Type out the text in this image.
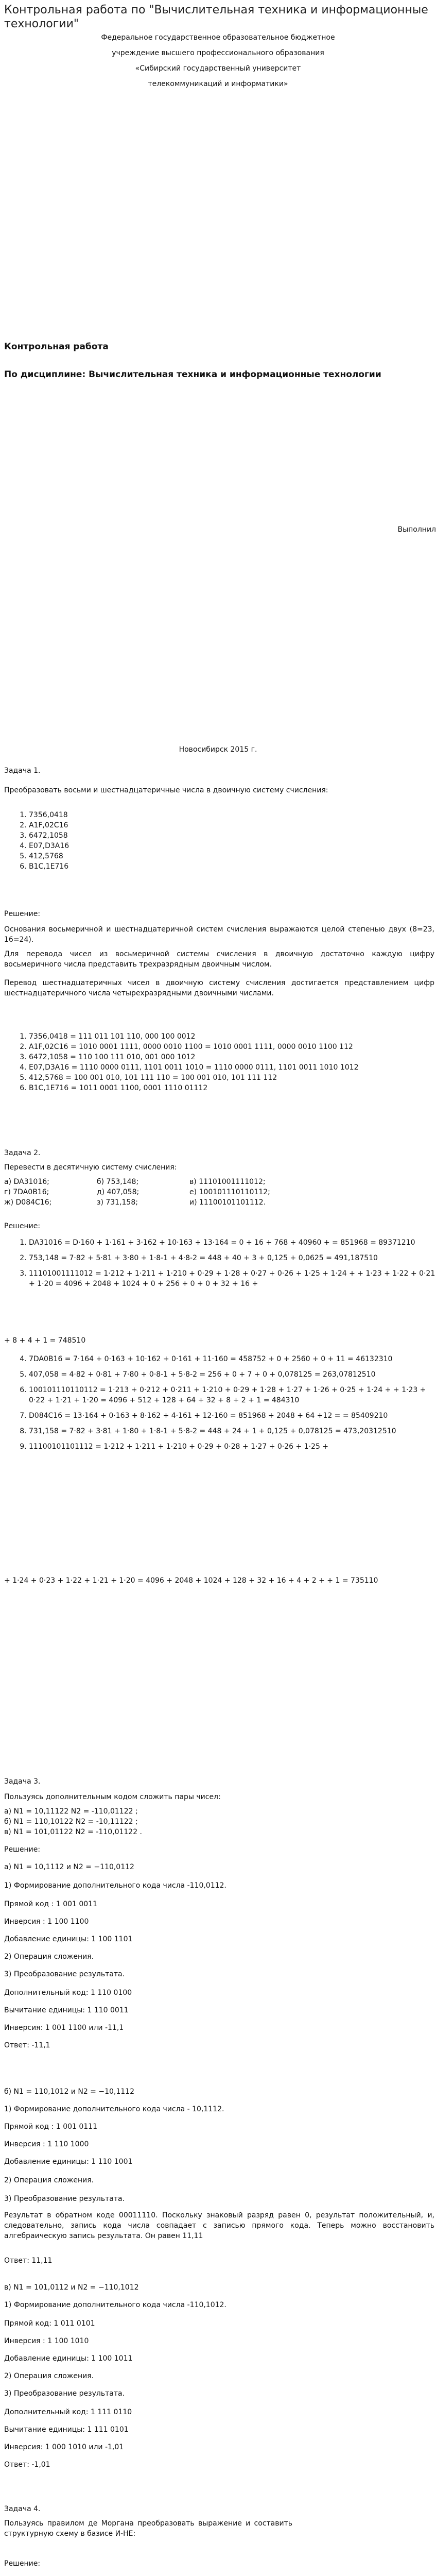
Контрольная работа по "Вычислительная техника и информационные технологии"
Федеральное государственное образовательное бюджетное
учреждение высшего профессионального образования
«Сибирский государственный университет
телекоммуникаций и информатики»
Контрольная работа
По дисциплине: Вычислительная техника и информационные технологии
Выполнил
Новосибирск 2015 г.
Задача 1.
Преобразовать восьми и шестнадцатеричные числа в двоичную систему счисления:
1. 7356,0418
2. A1F,02C16
3. 6472,1058
4. E07,D3A16
5. 412,5768
6. B1C,1E716
Решение:
Основания восьмеричной и шестнадцатеричной систем счисления выражаются целой степенью двух (8=23, 16=24).
Для перевода чисел из восьмеричной системы счисления в двоичную достаточно каждую цифру восьмеричного числа представить трехразрядным двоичным числом.
Перевод шестнадцатеричных чисел в двоичную систему счисления достигается представлением цифр шестнадцатеричного числа четырехразрядными двоичными числами.
1. 7356,0418 = 111 011 101 110, 000 100 0012
2. A1F,02C16 = 1010 0001 1111, 0000 0010 1100 = 1010 0001 1111, 0000 0010 1100 112
3. 6472,1058 = 110 100 111 010, 001 000 1012
4. E07,D3A16 = 1110 0000 0111, 1101 0011 1010 = 1110 0000 0111, 1101 0011 1010 1012
5. 412,5768 = 100 001 010, 101 111 110 = 100 001 010, 101 111 112
6. B1C,1E716 = 1011 0001 1100, 0001 1110 01112
Задача 2.
Перевести в десятичную систему счисления:
а) DA31016;	б) 753,148;	в) 11101001111012;
г) 7DA0B16;	д) 407,058;	е) 100101110110112;
ж) D084C16;	з) 731,158;	и) 11100101101112.
Решение:
1. DA31016 = D·160 + 1·161 + 3·162 + 10·163 + 13·164 = 0 + 16 + 768 + 40960 + = 851968 = 89371210
2. 753,148 = 7·82 + 5·81 + 3·80 + 1·8-1 + 4·8-2 = 448 + 40 + 3 + 0,125 + 0,0625 = 491,187510
3. 11101001111012 = 1·212 + 1·211 + 1·210 + 0·29 + 1·28 + 0·27 + 0·26 + 1·25 + 1·24 + + 1·23 + 1·22 + 0·21 + 1·20 = 4096 + 2048 + 1024 + 0 + 256 + 0 + 0 + 32 + 16 +
+ 8 + 4 + 1 = 748510
4. 7DA0B16 = 7·164 + 0·163 + 10·162 + 0·161 + 11·160 = 458752 + 0 + 2560 + 0 + 11 = 46132310
5. 407,058 = 4·82 + 0·81 + 7·80 + 0·8-1 + 5·8-2 = 256 + 0 + 7 + 0 + 0,078125 = 263,07812510
6. 100101110110112 = 1·213 + 0·212 + 0·211 + 1·210 + 0·29 + 1·28 + 1·27 + 1·26 + 0·25 + 1·24 + + 1·23 + 0·22 + 1·21 + 1·20 = 4096 + 512 + 128 + 64 + 32 + 8 + 2 + 1 = 484310
7. D084C16 = 13·164 + 0·163 + 8·162 + 4·161 + 12·160 = 851968 + 2048 + 64 +12 = = 85409210
8. 731,158 = 7·82 + 3·81 + 1·80 + 1·8-1 + 5·8-2 = 448 + 24 + 1 + 0,125 + 0,078125 = 473,20312510
9. 11100101101112 = 1·212 + 1·211 + 1·210 + 0·29 + 0·28 + 1·27 + 0·26 + 1·25 +
+ 1·24 + 0·23 + 1·22 + 1·21 + 1·20 = 4096 + 2048 + 1024 + 128 + 32 + 16 + 4 + 2 + + 1 = 735110
Задача 3.
Пользуясь дополнительным кодом сложить пары чисел:
а) N1 = 10,11122 N2 = -110,01122 ;
б) N1 = 110,10122 N2 = -10,11122 ;
в) N1 = 101,01122 N2 = -110,01122 .
Решение:
а) N1 = 10,1112 и N2 = −110,0112
1) Формирование дополнительного кода числа -110,0112.
Прямой код : 1 001 0011
Инверсия : 1 100 1100
Добавление единицы: 1 100 1101
2) Операция сложения.
3) Преобразование результата.
Дополнительный код: 1 110 0100
Вычитание единицы: 1 110 0011
Инверсия: 1 001 1100 или -11,1
Ответ: -11,1
б) N1 = 110,1012 и N2 = −10,1112
1) Формирование дополнительного кода числа - 10,1112.
Прямой код : 1 001 0111
Инверсия : 1 110 1000
Добавление единицы: 1 110 1001
2) Операция сложения.
3) Преобразование результата.
Результат в обратном коде 00011110. Поскольку знаковый разряд равен 0, результат положительный, и, следовательно, запись кода числа совпадает с записью прямого кода. Теперь можно восстановить алгебраическую запись результата. Он равен 11,11
Ответ: 11,11
в) N1 = 101,0112 и N2 = −110,1012
1) Формирование дополнительного кода числа -110,1012.
Прямой код: 1 011 0101
Инверсия : 1 100 1010
Добавление единицы: 1 100 1011
2) Операция сложения.
3) Преобразование результата.
Дополнительный код: 1 111 0110
Вычитание единицы: 1 111 0101
Инверсия: 1 000 1010 или -1,01
Ответ: -1,01
Задача 4.
Пользуясь правилом де Моргана преобразовать выражение и составить структурную схему в базисе И-НЕ:
Решение:
